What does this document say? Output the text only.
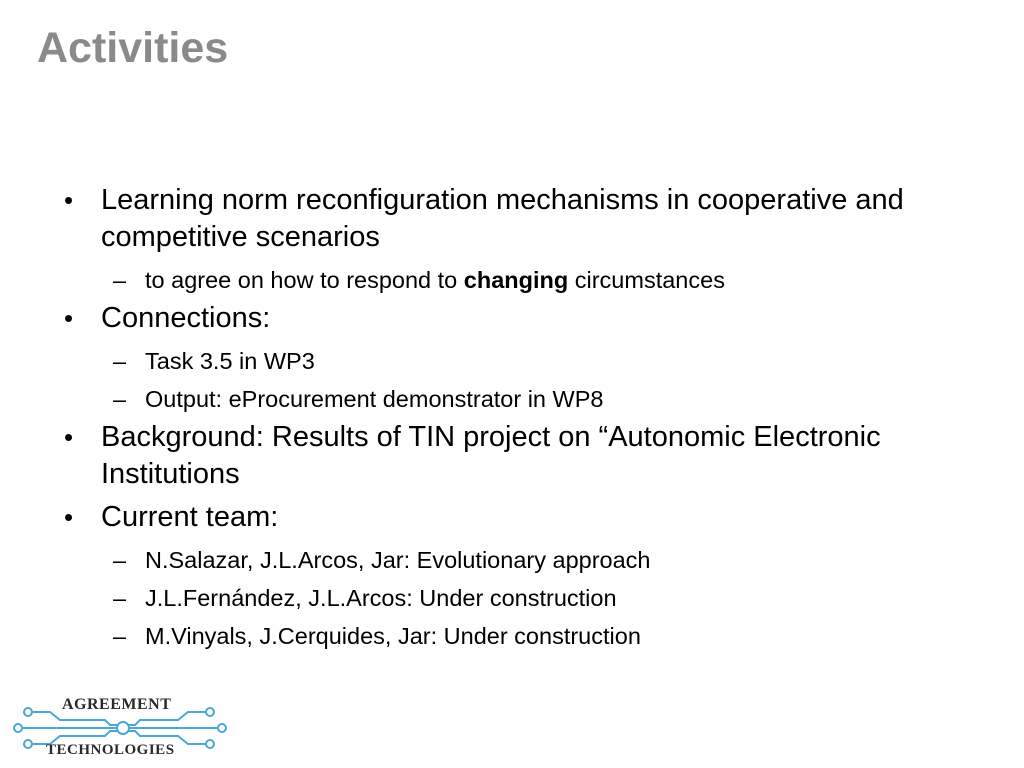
Activities
• Learning norm reconfiguration mechanisms in cooperative and competitive scenarios
– to agree on how to respond to changing circumstances
• Connections:
– Task 3.5 in WP3
– Output: eProcurement demonstrator in WP8
• Background: Results of TIN project on “Autonomic Electronic Institutions
• Current team:
– N.Salazar, J.L.Arcos, Jar: Evolutionary approach
– J.L.Fernández, J.L.Arcos: Under construction
– M.Vinyals, J.Cerquides, Jar: Under construction
AGREEMENT
TECHNOLOGIES
